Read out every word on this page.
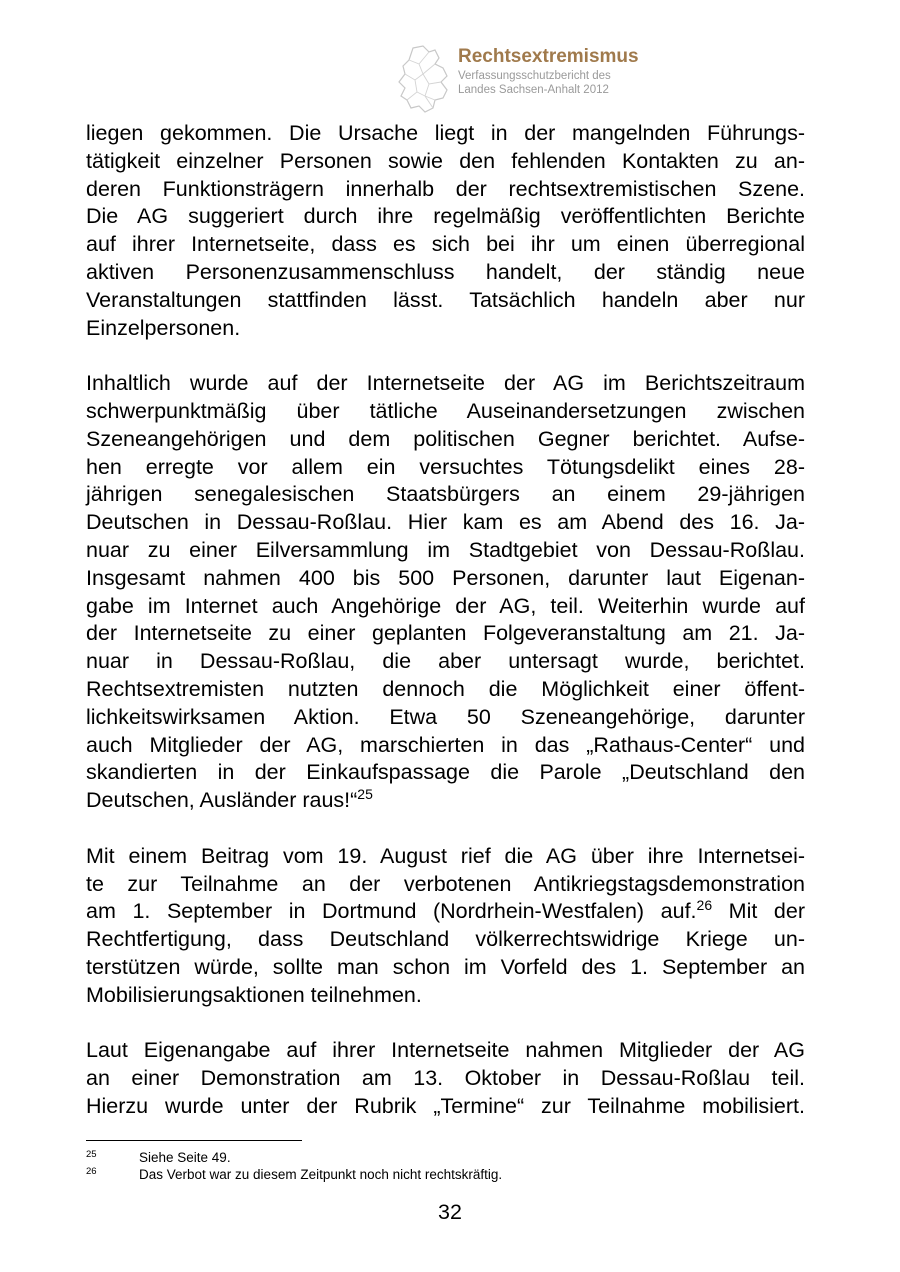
Rechtsextremismus
Verfassungsschutzbericht des
Landes Sachsen-Anhalt 2012
liegen gekommen. Die Ursache liegt in der mangelnden Führungs-
tätigkeit einzelner Personen sowie den fehlenden Kontakten zu an-
deren Funktionsträgern innerhalb der rechtsextremistischen Szene.
Die AG suggeriert durch ihre regelmäßig veröffentlichten Berichte
auf ihrer Internetseite, dass es sich bei ihr um einen überregional
aktiven Personenzusammenschluss handelt, der ständig neue
Veranstaltungen stattfinden lässt. Tatsächlich handeln aber nur
Einzelpersonen.
Inhaltlich wurde auf der Internetseite der AG im Berichtszeitraum
schwerpunktmäßig über tätliche Auseinandersetzungen zwischen
Szeneangehörigen und dem politischen Gegner berichtet. Aufse-
hen erregte vor allem ein versuchtes Tötungsdelikt eines 28-
jährigen senegalesischen Staatsbürgers an einem 29-jährigen
Deutschen in Dessau-Roßlau. Hier kam es am Abend des 16. Ja-
nuar zu einer Eilversammlung im Stadtgebiet von Dessau-Roßlau.
Insgesamt nahmen 400 bis 500 Personen, darunter laut Eigenan-
gabe im Internet auch Angehörige der AG, teil. Weiterhin wurde auf
der Internetseite zu einer geplanten Folgeveranstaltung am 21. Ja-
nuar in Dessau-Roßlau, die aber untersagt wurde, berichtet.
Rechtsextremisten nutzten dennoch die Möglichkeit einer öffent-
lichkeitswirksamen Aktion. Etwa 50 Szeneangehörige, darunter
auch Mitglieder der AG, marschierten in das „Rathaus-Center“ und
skandierten in der Einkaufspassage die Parole „Deutschland den
Deutschen, Ausländer raus!“$^{25}$
Mit einem Beitrag vom 19. August rief die AG über ihre Internetsei-
te zur Teilnahme an der verbotenen Antikriegstagsdemonstration
am 1. September in Dortmund (Nordrhein-Westfalen) auf.$^{26}$ Mit der
Rechtfertigung, dass Deutschland völkerrechtswidrige Kriege un-
terstützen würde, sollte man schon im Vorfeld des 1. September an
Mobilisierungsaktionen teilnehmen.
Laut Eigenangabe auf ihrer Internetseite nahmen Mitglieder der AG
an einer Demonstration am 13. Oktober in Dessau-Roßlau teil.
Hierzu wurde unter der Rubrik „Termine“ zur Teilnahme mobilisiert.
25	Siehe Seite 49.
26	Das Verbot war zu diesem Zeitpunkt noch nicht rechtskräftig.
32
